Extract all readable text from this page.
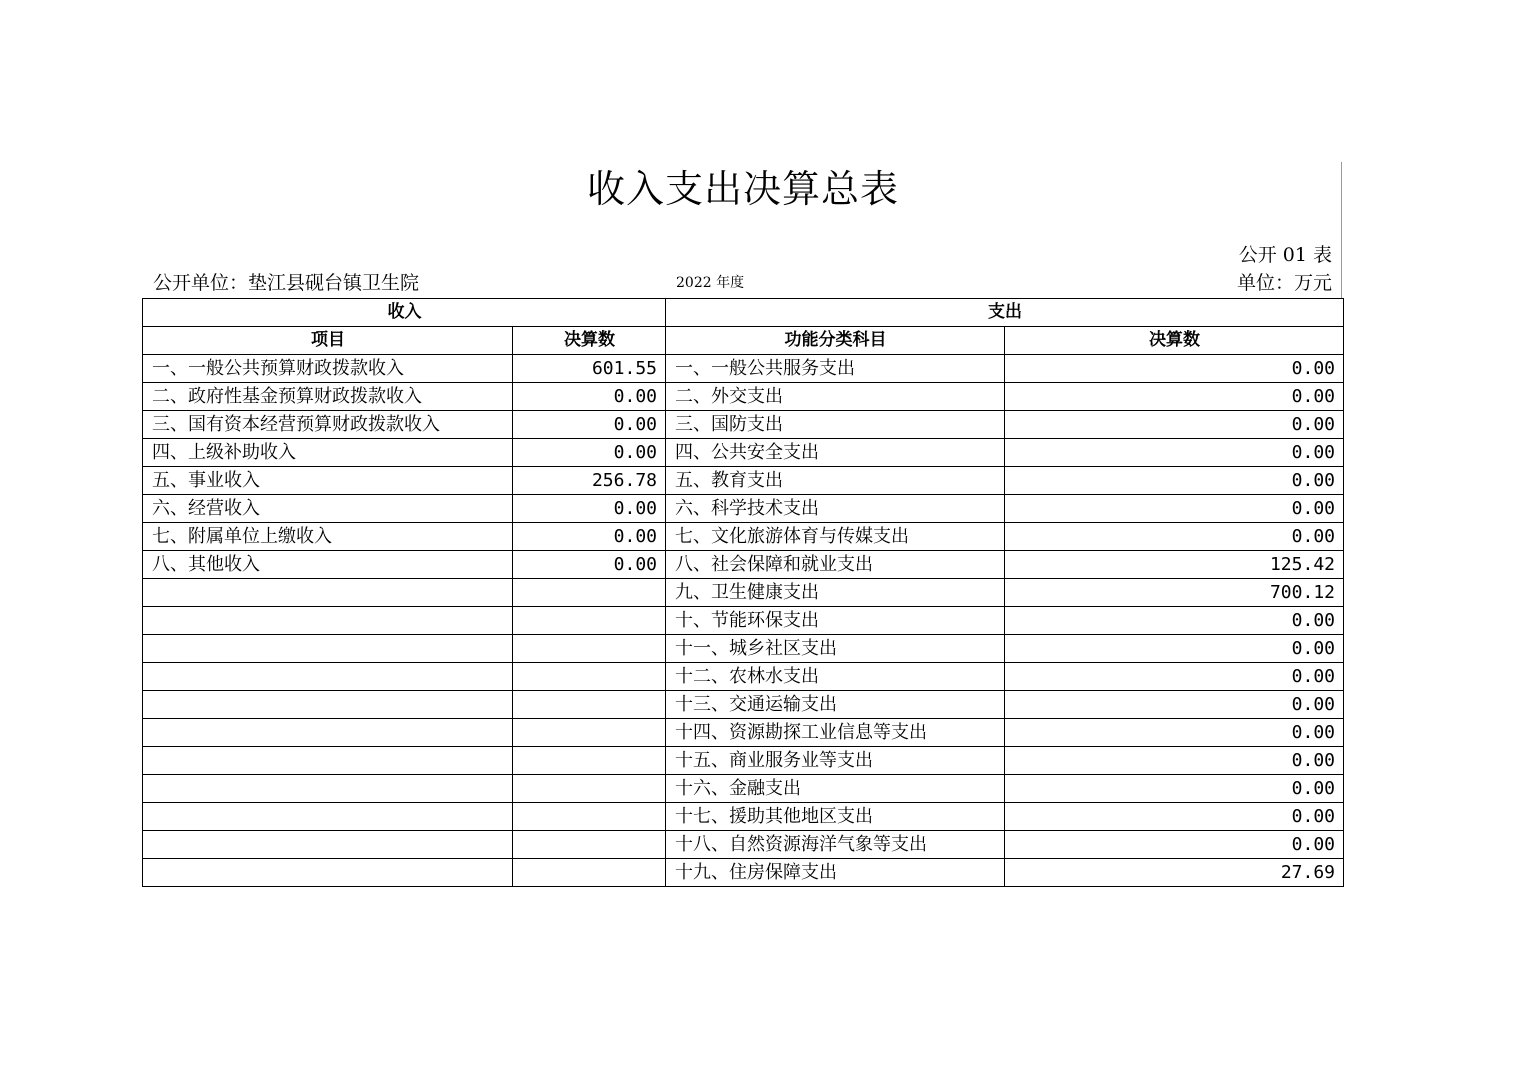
收入支出决算总表
公开 01 表
公开单位：垫江县砚台镇卫生院	2022 年度	单位：万元
收入		支出	
项目	决算数	功能分类科目	决算数
一、一般公共预算财政拨款收入	601.55	一、一般公共服务支出	0.00
二、政府性基金预算财政拨款收入	0.00	二、外交支出	0.00
三、国有资本经营预算财政拨款收入	0.00	三、国防支出	0.00
四、上级补助收入	0.00	四、公共安全支出	0.00
五、事业收入	256.78	五、教育支出	0.00
六、经营收入	0.00	六、科学技术支出	0.00
七、附属单位上缴收入	0.00	七、文化旅游体育与传媒支出	0.00
八、其他收入	0.00	八、社会保障和就业支出	125.42
		九、卫生健康支出	700.12
		十、节能环保支出	0.00
		十一、城乡社区支出	0.00
		十二、农林水支出	0.00
		十三、交通运输支出	0.00
		十四、资源勘探工业信息等支出	0.00
		十五、商业服务业等支出	0.00
		十六、金融支出	0.00
		十七、援助其他地区支出	0.00
		十八、自然资源海洋气象等支出	0.00
		十九、住房保障支出	27.69
